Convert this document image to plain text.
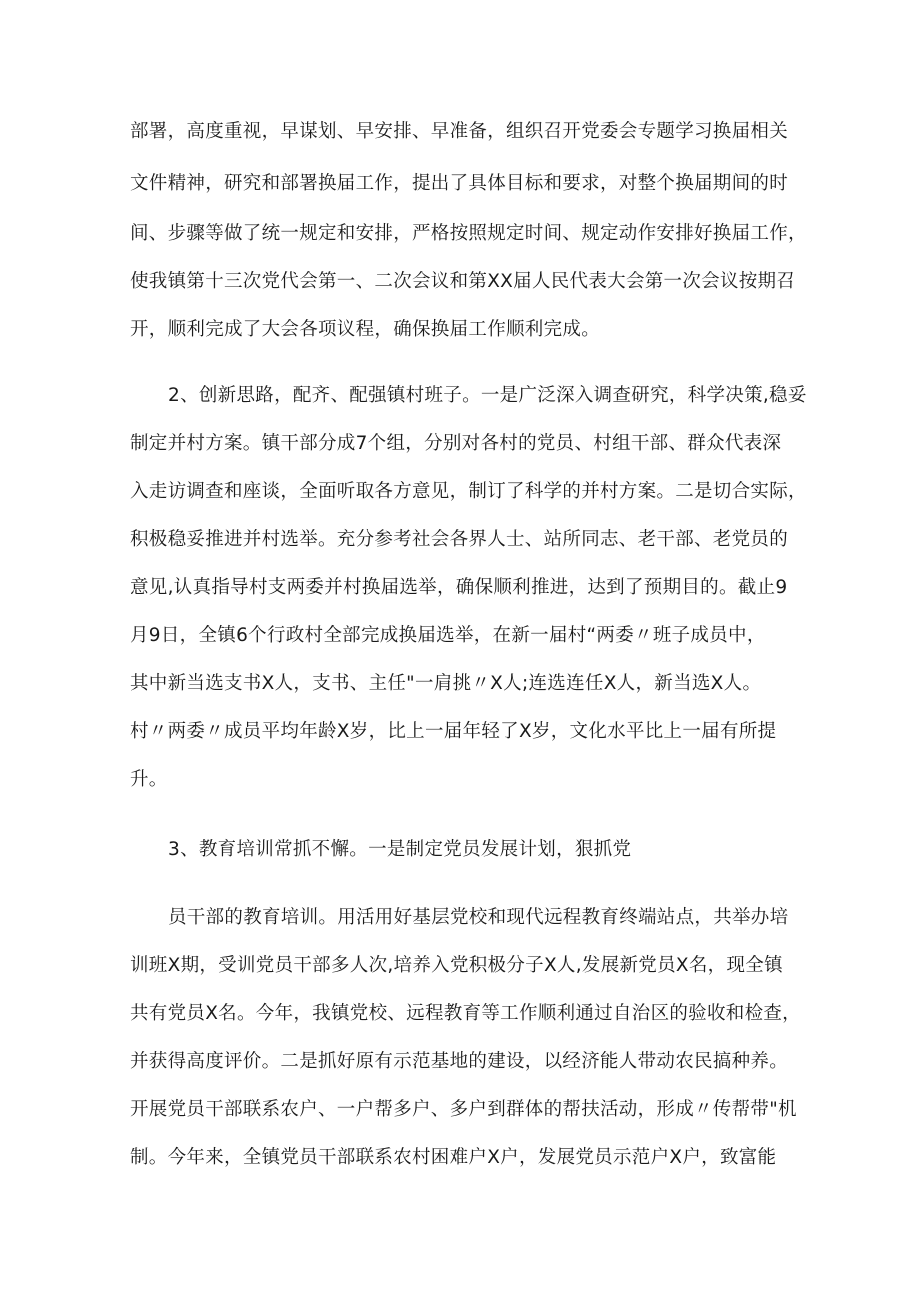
部署，高度重视，早谋划、早安排、早准备，组织召开党委会专题学习换届相关
文件精神，研究和部署换届工作，提出了具体目标和要求，对整个换届期间的时
间、步骤等做了统一规定和安排，严格按照规定时间、规定动作安排好换届工作，
使我镇第十三次党代会第一、二次会议和第XX届人民代表大会第一次会议按期召
开，顺利完成了大会各项议程，确保换届工作顺利完成。
2、创新思路，配齐、配强镇村班子。一是广泛深入调查研究，科学决策,稳妥
制定并村方案。镇干部分成7个组，分别对各村的党员、村组干部、群众代表深
入走访调查和座谈，全面听取各方意见，制订了科学的并村方案。二是切合实际，
积极稳妥推进并村选举。充分参考社会各界人士、站所同志、老干部、老党员的
意见,认真指导村支两委并村换届选举，确保顺利推进，达到了预期目的。截止9
月9日，全镇6个行政村全部完成换届选举，在新一届村“两委〃班子成员中，
其中新当选支书X人，支书、主任"一肩挑〃X人;连选连任X人，新当选X人。
村〃两委〃成员平均年龄X岁，比上一届年轻了X岁，文化水平比上一届有所提
升。
3、教育培训常抓不懈。一是制定党员发展计划，狠抓党
员干部的教育培训。用活用好基层党校和现代远程教育终端站点，共举办培
训班X期，受训党员干部多人次,培养入党积极分子X人,发展新党员X名，现全镇
共有党员X名。今年，我镇党校、远程教育等工作顺利通过自治区的验收和检查，
并获得高度评价。二是抓好原有示范基地的建设，以经济能人带动农民搞种养。
开展党员干部联系农户、一户帮多户、多户到群体的帮扶活动，形成〃传帮带"机
制。今年来，全镇党员干部联系农村困难户X户，发展党员示范户X户，致富能
